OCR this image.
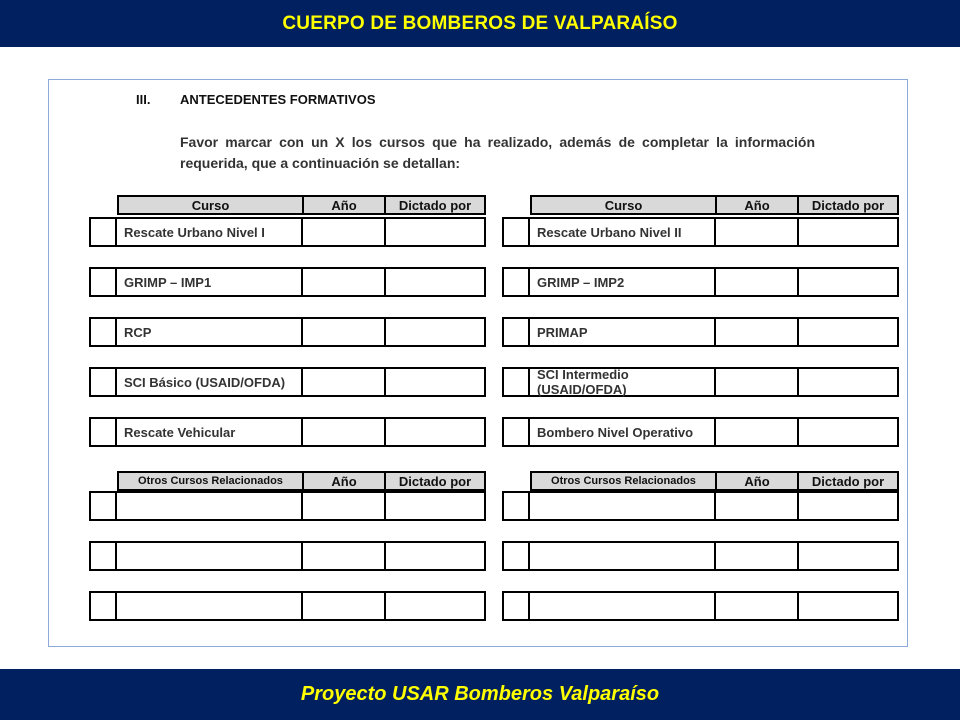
CUERPO DE BOMBEROS DE VALPARAÍSO
III. ANTECEDENTES FORMATIVOS
Favor marcar con un X los cursos que ha realizado, además de completar la información requerida, que a continuación se detallan:
Curso	Año	Dictado por
Rescate Urbano Nivel I
GRIMP – IMP1
RCP
SCI Básico (USAID/OFDA)
Rescate Vehicular
Otros Cursos Relacionados	Año	Dictado por
Curso	Año	Dictado por
Rescate Urbano Nivel II
GRIMP – IMP2
PRIMAP
SCI Intermedio (USAID/OFDA)
Bombero Nivel Operativo
Otros Cursos Relacionados	Año	Dictado por
Proyecto USAR Bomberos Valparaíso
